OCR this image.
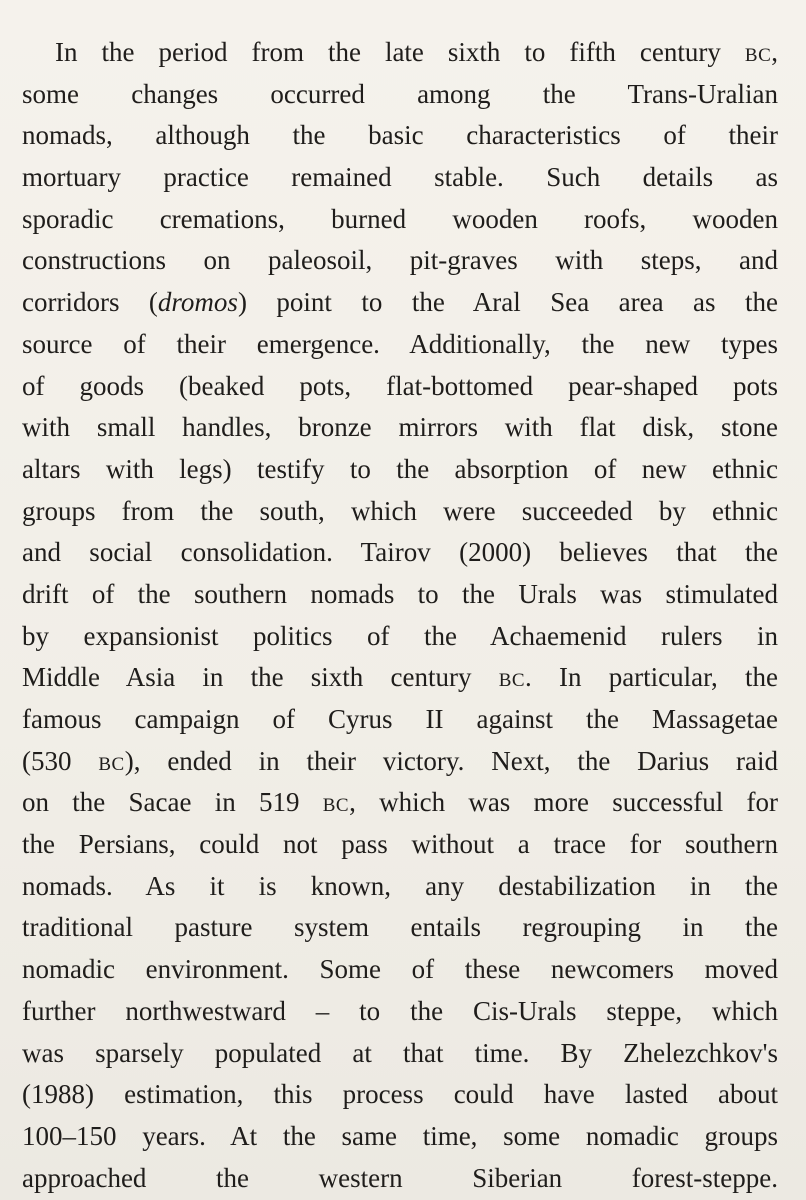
In the period from the late sixth to fifth century bc,
some changes occurred among the Trans-Uralian
nomads, although the basic characteristics of their
mortuary practice remained stable. Such details as
sporadic cremations, burned wooden roofs, wooden
constructions on paleosoil, pit-graves with steps, and
corridors (dromos) point to the Aral Sea area as the
source of their emergence. Additionally, the new types
of goods (beaked pots, flat-bottomed pear-shaped pots
with small handles, bronze mirrors with flat disk, stone
altars with legs) testify to the absorption of new ethnic
groups from the south, which were succeeded by ethnic
and social consolidation. Tairov (2000) believes that the
drift of the southern nomads to the Urals was stimulated
by expansionist politics of the Achaemenid rulers in
Middle Asia in the sixth century bc. In particular, the
famous campaign of Cyrus II against the Massagetae
(530 bc), ended in their victory. Next, the Darius raid
on the Sacae in 519 bc, which was more successful for
the Persians, could not pass without a trace for southern
nomads. As it is known, any destabilization in the
traditional pasture system entails regrouping in the
nomadic environment. Some of these newcomers moved
further northwestward – to the Cis-Urals steppe, which
was sparsely populated at that time. By Zhelezchkov's
(1988) estimation, this process could have lasted about
100–150 years. At the same time, some nomadic groups
approached the western Siberian forest-steppe.
